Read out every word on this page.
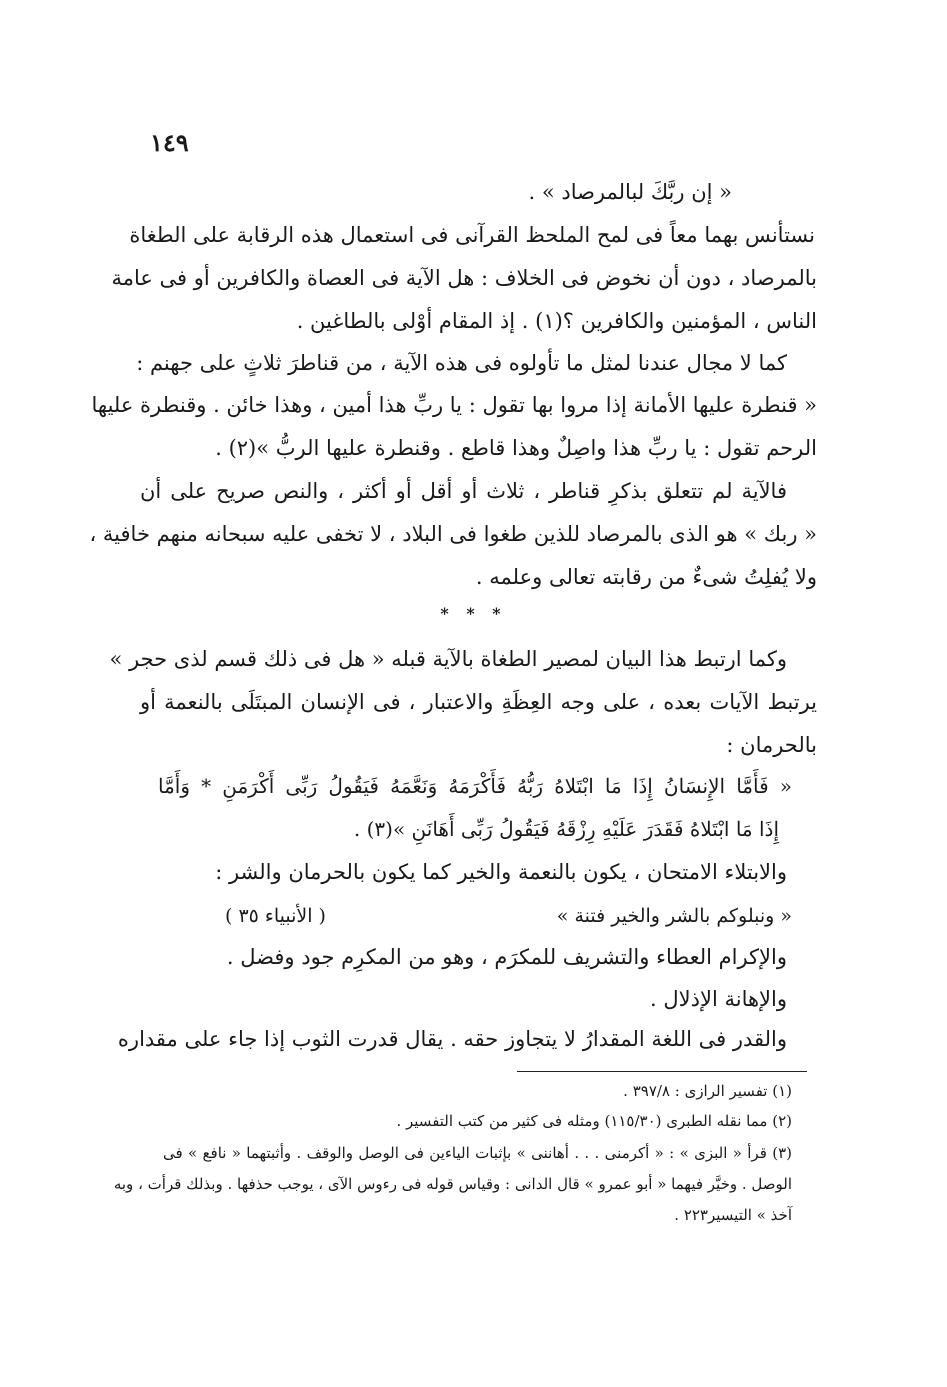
١٤٩
« إن ربَّكَ لبالمرصاد » .
نستأنس بهما معاً فى لمح الملحظ القرآنى فى استعمال هذه الرقابة على الطغاة
بالمرصاد ، دون أن نخوض فى الخلاف : هل الآية فى العصاة والكافرين أو فى عامة
الناس ، المؤمنين والكافرين ؟(١) . إذ المقام أوْلى بالطاغين .
كما لا مجال عندنا لمثل ما تأولوه فى هذه الآية ، من قناطرَ ثلاثٍ على جهنم :
« قنطرة عليها الأمانة إذا مروا بها تقول : يا ربِّ هذا أمين ، وهذا خائن . وقنطرة عليها
الرحم تقول : يا ربِّ هذا واصِلٌ وهذا قاطع . وقنطرة عليها الربُّ »(٢) .
فالآية لم تتعلق بذكرِ قناطر ، ثلاث أو أقل أو أكثر ، والنص صريح على أن
« ربك » هو الذى بالمرصاد للذين طغوا فى البلاد ، لا تخفى عليه سبحانه منهم خافية ،
ولا يُفلِتُ شىءٌ من رقابته تعالى وعلمه .
* * *
وكما ارتبط هذا البيان لمصير الطغاة بالآية قبله « هل فى ذلك قسم لذى حجر »
يرتبط الآيات بعده ، على وجه العِظَةِ والاعتبار ، فى الإنسان المبتَلَى بالنعمة أو
بالحرمان :
« فَأَمَّا الإِنسَانُ إِذَا مَا ابْتَلاهُ رَبُّهُ فَأَكْرَمَهُ وَنَعَّمَهُ فَيَقُولُ رَبِّى أَكْرَمَنِ * وَأَمَّا
إِذَا مَا ابْتَلاهُ فَقَدَرَ عَلَيْهِ رِزْقَهُ فَيَقُولُ رَبِّى أَهَانَنِ »(٣) .
والابتلاء الامتحان ، يكون بالنعمة والخير كما يكون بالحرمان والشر :
« ونبلوكم بالشر والخير فتنة »
( الأنبياء ٣٥ )
والإكرام العطاء والتشريف للمكرَم ، وهو من المكرِم جود وفضل .
والإهانة الإذلال .
والقدر فى اللغة المقدارُ لا يتجاوز حقه . يقال قدرت الثوب إذا جاء على مقداره
(١) تفسير الرازى : ٣٩٧/٨ .
(٢) مما نقله الطبرى (١١٥/٣٠) ومثله فى كثير من كتب التفسير .
(٣) قرأ « البزى » : « أكرمنى . . . أهاننى » بإثبات الياءين فى الوصل والوقف . وأثبتهما « نافع » فى
الوصل . وخيَّر فيهما « أبو عمرو » قال الدانى : وقياس قوله فى رءوس الآى ، يوجب حذفها . وبذلك قرأت ، وبه
آخذ » التيسير٢٢٣ .
